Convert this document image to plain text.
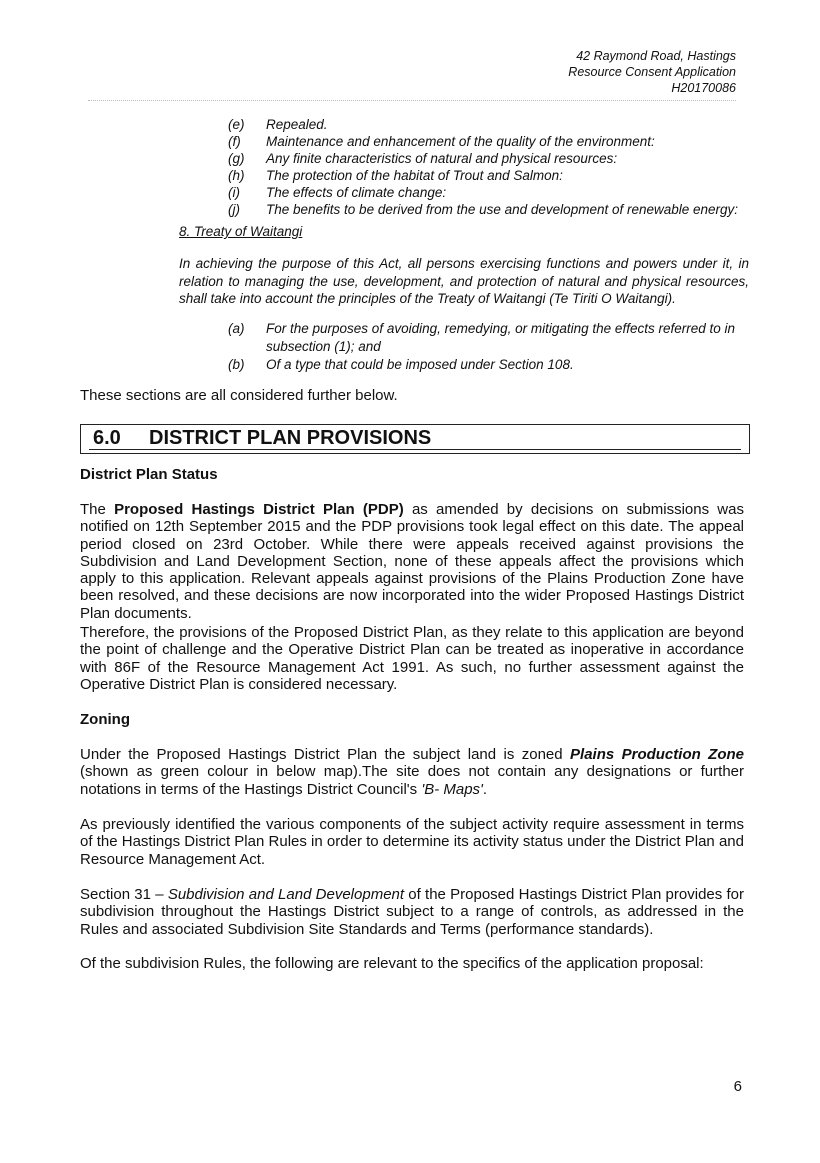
42 Raymond Road, Hastings
Resource Consent Application
H20170086
(e)	Repealed.
(f)	Maintenance and enhancement of the quality of the environment:
(g)	Any finite characteristics of natural and physical resources:
(h)	The protection of the habitat of Trout and Salmon:
(i)	The effects of climate change:
(j)	The benefits to be derived from the use and development of renewable energy:
8. Treaty of Waitangi
In achieving the purpose of this Act, all persons exercising functions and powers under it, in relation to managing the use, development, and protection of natural and physical resources, shall take into account the principles of the Treaty of Waitangi (Te Tiriti O Waitangi).
(a)	For the purposes of avoiding, remedying, or mitigating the effects referred to in subsection (1); and
(b)	Of a type that could be imposed under Section 108.
These sections are all considered further below.
6.0 DISTRICT PLAN PROVISIONS
District Plan Status
The Proposed Hastings District Plan (PDP) as amended by decisions on submissions was notified on 12th September 2015 and the PDP provisions took legal effect on this date. The appeal period closed on 23rd October. While there were appeals received against provisions the Subdivision and Land Development Section, none of these appeals affect the provisions which apply to this application. Relevant appeals against provisions of the Plains Production Zone have been resolved, and these decisions are now incorporated into the wider Proposed Hastings District Plan documents.
Therefore, the provisions of the Proposed District Plan, as they relate to this application are beyond the point of challenge and the Operative District Plan can be treated as inoperative in accordance with 86F of the Resource Management Act 1991. As such, no further assessment against the Operative District Plan is considered necessary.
Zoning
Under the Proposed Hastings District Plan the subject land is zoned Plains Production Zone (shown as green colour in below map).The site does not contain any designations or further notations in terms of the Hastings District Council's 'B- Maps'.
As previously identified the various components of the subject activity require assessment in terms of the Hastings District Plan Rules in order to determine its activity status under the District Plan and Resource Management Act.
Section 31 – Subdivision and Land Development of the Proposed Hastings District Plan provides for subdivision throughout the Hastings District subject to a range of controls, as addressed in the Rules and associated Subdivision Site Standards and Terms (performance standards).
Of the subdivision Rules, the following are relevant to the specifics of the application proposal:
6
